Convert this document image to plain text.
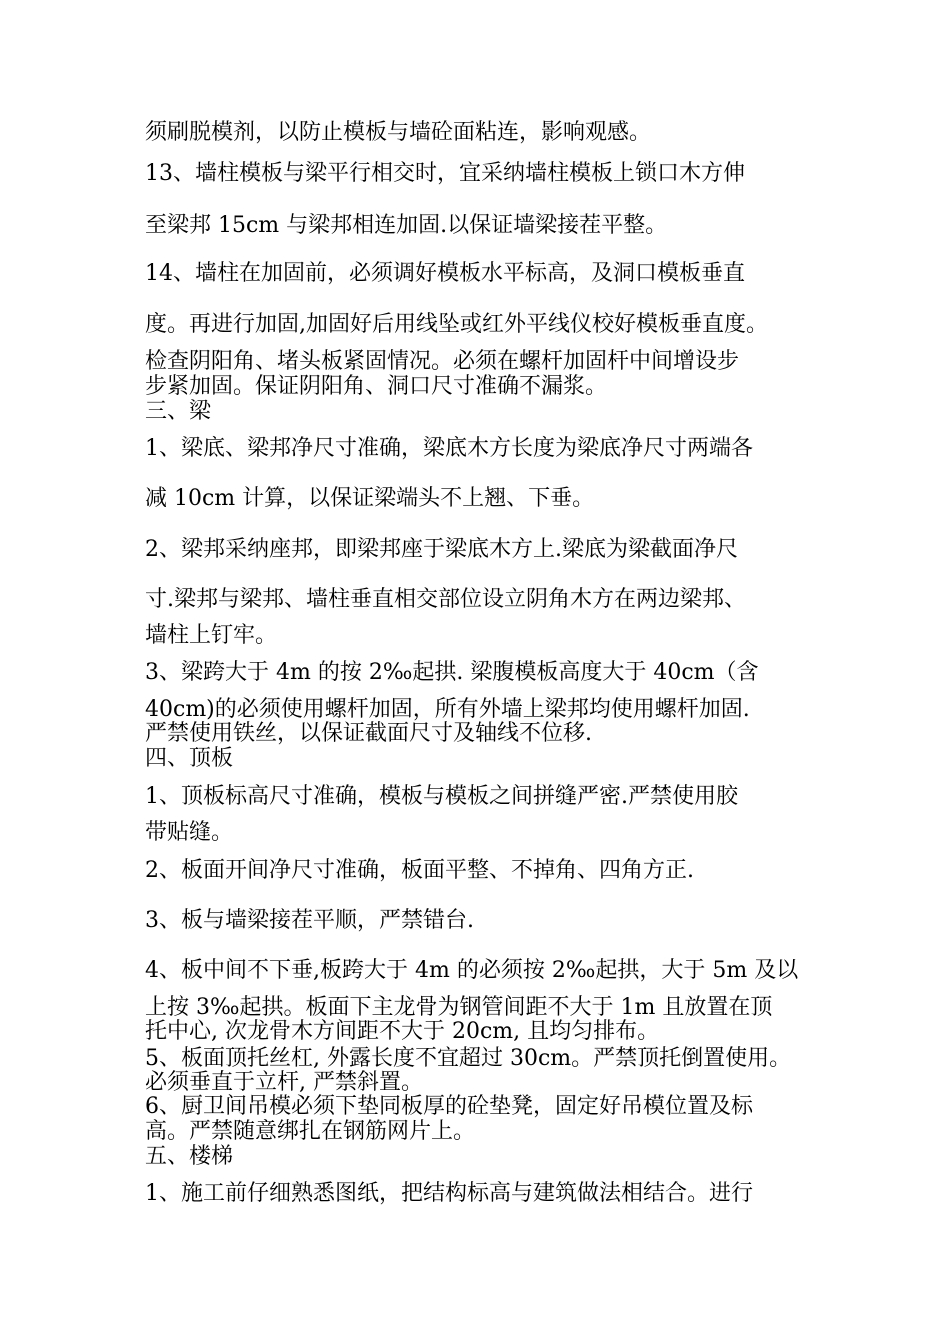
须刷脱模剂，以防止模板与墙砼面粘连，影响观感。

13、墙柱模板与梁平行相交时，宜采纳墙柱模板上锁口木方伸

至梁邦 15cm 与梁邦相连加固.以保证墙梁接茬平整。

14、墙柱在加固前，必须调好模板水平标高，及洞口模板垂直

度。再进行加固,加固好后用线坠或红外平线仪校好模板垂直度。

检查阴阳角、堵头板紧固情况。必须在螺杆加固杆中间增设步

步紧加固。保证阴阳角、洞口尺寸准确不漏浆。

三、梁

1、梁底、梁邦净尺寸准确，梁底木方长度为梁底净尺寸两端各

减 10cm 计算，以保证梁端头不上翘、下垂。

2、梁邦采纳座邦，即梁邦座于梁底木方上.梁底为梁截面净尺

寸.梁邦与梁邦、墙柱垂直相交部位设立阴角木方在两边梁邦、

墙柱上钉牢。

3、梁跨大于 4m 的按 2‰起拱. 梁腹模板高度大于 40cm（含

40cm)的必须使用螺杆加固，所有外墙上梁邦均使用螺杆加固.

严禁使用铁丝，以保证截面尺寸及轴线不位移.

四、顶板

1、顶板标高尺寸准确，模板与模板之间拼缝严密.严禁使用胶

带贴缝。

2、板面开间净尺寸准确，板面平整、不掉角、四角方正.

3、板与墙梁接茬平顺，严禁错台.

4、板中间不下垂,板跨大于 4m 的必须按 2‰起拱，大于 5m 及以

上按 3‰起拱。板面下主龙骨为钢管间距不大于 1m 且放置在顶

托中心, 次龙骨木方间距不大于 20cm, 且均匀排布。

5、板面顶托丝杠, 外露长度不宜超过 30cm。严禁顶托倒置使用。

必须垂直于立杆, 严禁斜置。

6、厨卫间吊模必须下垫同板厚的砼垫凳，固定好吊模位置及标

高。严禁随意绑扎在钢筋网片上。

五、楼梯

1、施工前仔细熟悉图纸，把结构标高与建筑做法相结合。进行
